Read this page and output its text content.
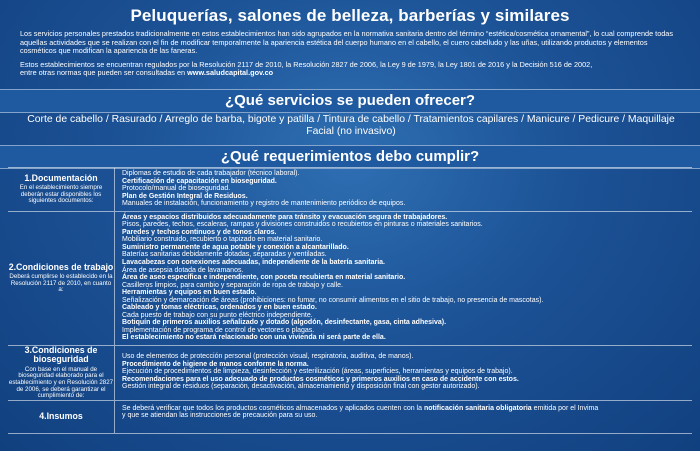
Peluquerías, salones de belleza, barberías y similares

Los servicios personales prestados tradicionalmente en estos establecimientos han sido agrupados en la normativa sanitaria dentro del término “estética/cosmética ornamental”, lo cual comprende todas aquellas actividades que se realizan con el fin de modificar temporalmente la apariencia estética del cuerpo humano en el cabello, el cuero cabelludo y las uñas, utilizando productos y elementos cosméticos que modifican la apariencia de las faneras.

Estos establecimientos se encuentran regulados por la Resolución 2117 de 2010, la Resolución 2827 de 2006, la Ley 9 de 1979, la Ley 1801 de 2016 y la Decisión 516 de 2002,
entre otras normas que pueden ser consultadas en www.saludcapital.gov.co

¿Qué servicios se pueden ofrecer?
Corte de cabello / Rasurado / Arreglo de barba, bigote y patilla / Tintura de cabello / Tratamientos capilares / Manicure / Pedicure / Maquillaje Facial (no invasivo)
¿Qué requerimientos debo cumplir?
1.Documentación
En el establecimiento siempre deberán estar disponibles los siguientes documentos:
Diplomas de estudio de cada trabajador (técnico laboral).
Certificación de capacitación en bioseguridad.
Protocolo/manual de bioseguridad.
Plan de Gestión Integral de Residuos.
Manuales de instalación, funcionamiento y registro de mantenimiento periódico de equipos.
2.Condiciones de trabajo
Deberá cumplirse lo establecido en la Resolución 2117 de 2010, en cuanto a:
Áreas y espacios distribuidos adecuadamente para tránsito y evacuación segura de trabajadores.
Pisos, paredes, techos, escaleras, rampas y divisiones construidos o recubiertos en pinturas o materiales sanitarios.
Paredes y techos continuos y de tonos claros.
Mobiliario construido, recubierto o tapizado en material sanitario.
Suministro permanente de agua potable y conexión a alcantarillado.
Baterías sanitarias debidamente dotadas, separadas y ventiladas.
Lavacabezas con conexiones adecuadas, independiente de la batería sanitaria.
Área de asepsia dotada de lavamanos.
Área de aseo específica e independiente, con poceta recubierta en material sanitario.
Casilleros limpios, para cambio y separación de ropa de trabajo y calle.
Herramientas y equipos en buen estado.
Señalización y demarcación de áreas (prohibiciones: no fumar, no consumir alimentos en el sitio de trabajo, no presencia de mascotas).
Cableado y tomas eléctricas, ordenados y en buen estado.
Cada puesto de trabajo con su punto eléctrico independiente.
Botiquín de primeros auxilios señalizado y dotado (algodón, desinfectante, gasa, cinta adhesiva).
Implementación de programa de control de vectores o plagas.
El establecimiento no estará relacionado con una vivienda ni será parte de ella.
3.Condiciones de bioseguridad
Con base en el manual de bioseguridad elaborado para el establecimiento y en Resolución 2827 de 2006, se deberá garantizar el cumplimiento de:
Uso de elementos de protección personal (protección visual, respiratoria, auditiva, de manos).
Procedimiento de higiene de manos conforme la norma.
Ejecución de procedimientos de limpieza, desinfección y esterilización (áreas, superficies, herramientas y equipos de trabajo).
Recomendaciones para el uso adecuado de productos cosméticos y primeros auxilios en caso de accidente con estos.
Gestión integral de residuos (separación, desactivación, almacenamiento y disposición final con gestor autorizado).
4.Insumos
Se deberá verificar que todos los productos cosméticos almacenados y aplicados cuenten con la notificación sanitaria obligatoria emitida por el Invima
y que se atiendan las instrucciones de precaución para su uso.
